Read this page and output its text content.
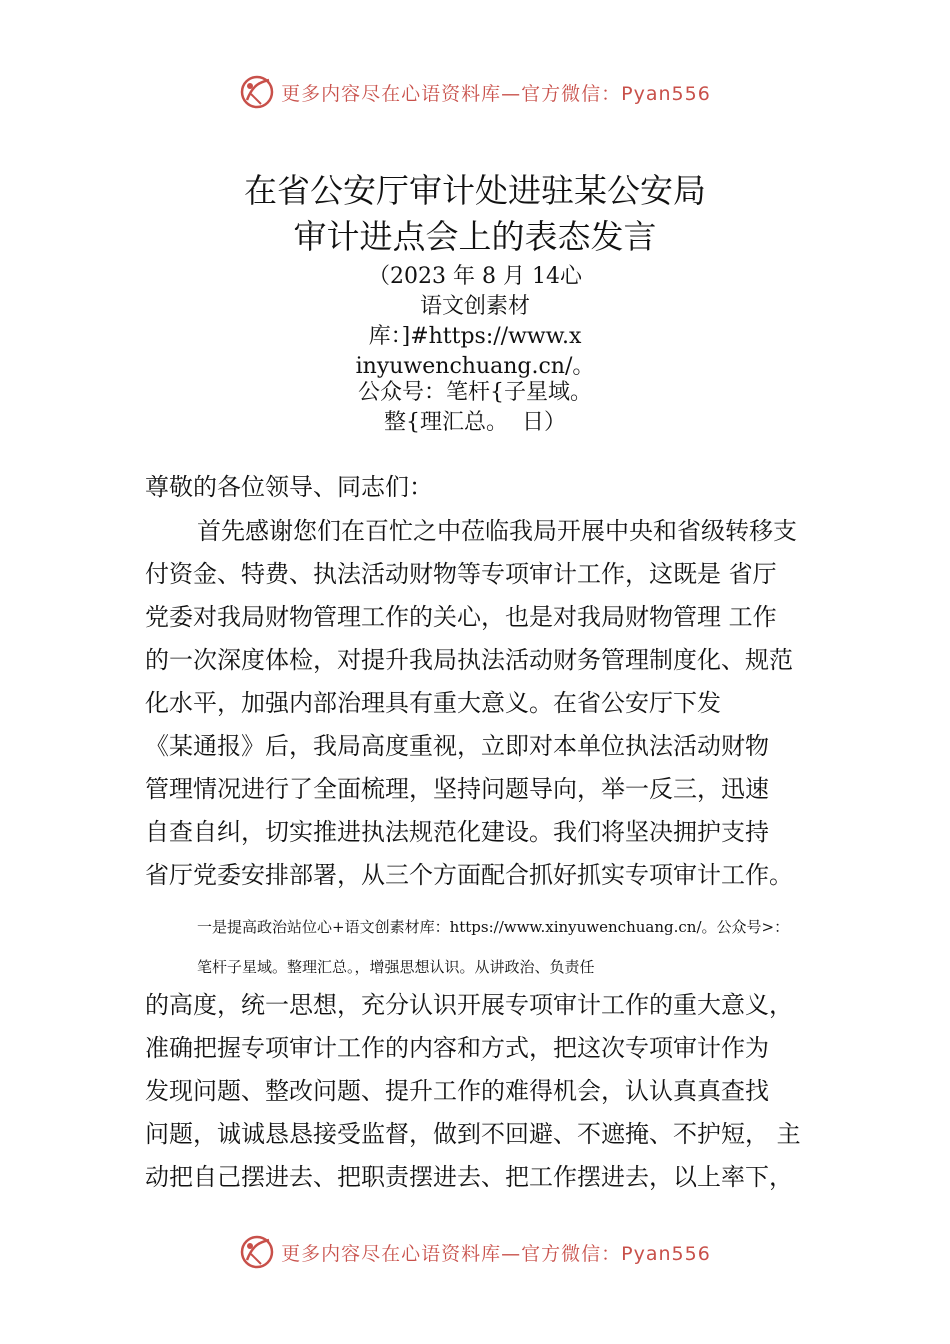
更多内容尽在心语资料库—官方微信：Pyan556
在省公安厅审计处进驻某公安局
审计进点会上的表态发言
（2023 年 8 月 14心
语文创素材
库：]#https://www.x
inyuwenchuang.cn/。
公众号：笔杆{子星域。
整{理汇总。  日）
尊敬的各位领导、同志们：
首先感谢您们在百忙之中莅临我局开展中央和省级转移支
付资金、特费、执法活动财物等专项审计工作，这既是 省厅
党委对我局财物管理工作的关心，也是对我局财物管理 工作
的一次深度体检，对提升我局执法活动财务管理制度化、规范
化水平，加强内部治理具有重大意义。在省公安厅下发
《某通报》后，我局高度重视，立即对本单位执法活动财物
管理情况进行了全面梳理，坚持问题导向，举一反三，迅速
自查自纠，切实推进执法规范化建设。我们将坚决拥护支持
省厅党委安排部署，从三个方面配合抓好抓实专项审计工作。
一是提高政治站位心+语文创素材库：https://www.xinyuwenchuang.cn/。公众号>：
笔杆子星域。整理汇总。，增强思想认识。从讲政治、负责任
的高度，统一思想，充分认识开展专项审计工作的重大意义，
准确把握专项审计工作的内容和方式，把这次专项审计作为
发现问题、整改问题、提升工作的难得机会，认认真真查找
问题，诚诚恳恳接受监督，做到不回避、不遮掩、不护短， 主
动把自己摆进去、把职责摆进去、把工作摆进去，以上率下，
更多内容尽在心语资料库—官方微信：Pyan556
